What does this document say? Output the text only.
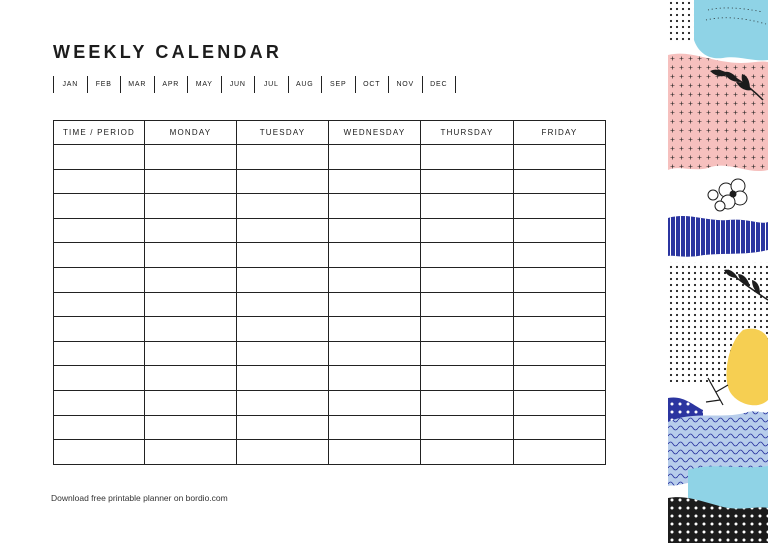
WEEKLY CALENDAR
JAN	FEB	MAR	APR	MAY	JUN	JUL	AUG	SEP	OCT	NOV	DEC
TIME / PERIOD	MONDAY	TUESDAY	WEDNESDAY	THURSDAY	FRIDAY

Download free printable planner on bordio.com
